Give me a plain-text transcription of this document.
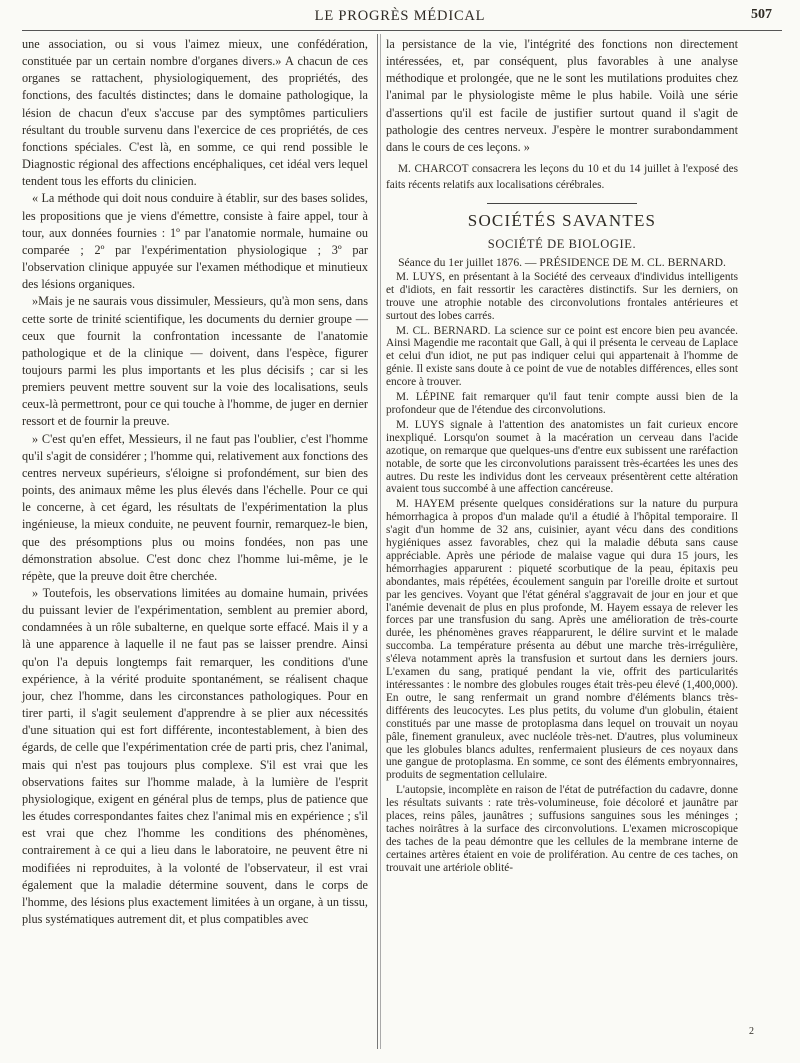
LE PROGRÈS MÉDICAL	507

une association, ou si vous l'aimez mieux, une confédération, constituée par un certain nombre d'organes divers.» A chacun de ces organes se rattachent, physiologiquement, des propriétés, des fonctions, des facultés distinctes; dans le domaine pathologique, la lésion de chacun d'eux s'accuse par des symptômes particuliers résultant du trouble survenu dans l'exercice de ces propriétés, de ces fonctions spéciales. C'est là, en somme, ce qui rend possible le Diagnostic régional des affections encéphaliques, cet idéal vers lequel tendent tous les efforts du clinicien.

« La méthode qui doit nous conduire à établir, sur des bases solides, les propositions que je viens d'émettre, consiste à faire appel, tour à tour, aux données fournies : 1º par l'anatomie normale, humaine ou comparée ; 2º par l'expérimentation physiologique ; 3º par l'observation clinique appuyée sur l'examen méthodique et minutieux des lésions organiques.

»Mais je ne saurais vous dissimuler, Messieurs, qu'à mon sens, dans cette sorte de trinité scientifique, les documents du dernier groupe — ceux que fournit la confrontation incessante de l'anatomie pathologique et de la clinique — doivent, dans l'espèce, figurer toujours parmi les plus importants et les plus décisifs ; car si les premiers peuvent mettre souvent sur la voie des localisations, seuls ceux-là permettront, pour ce qui touche à l'homme, de juger en dernier ressort et de fournir la preuve.

» C'est qu'en effet, Messieurs, il ne faut pas l'oublier, c'est l'homme qu'il s'agit de considérer ; l'homme qui, relativement aux fonctions des centres nerveux supérieurs, s'éloigne si profondément, sur bien des points, des animaux même les plus élevés dans l'échelle. Pour ce qui le concerne, à cet égard, les résultats de l'expérimentation la plus ingénieuse, la mieux conduite, ne peuvent fournir, remarquez-le bien, que des présomptions plus ou moins fondées, non pas une démonstration absolue. C'est donc chez l'homme lui-même, je le répète, que la preuve doit être cherchée.

» Toutefois, les observations limitées au domaine humain, privées du puissant levier de l'expérimentation, semblent au premier abord, condamnées à un rôle subalterne, en quelque sorte effacé. Mais il y a là une apparence à laquelle il ne faut pas se laisser prendre. Ainsi qu'on l'a depuis longtemps fait remarquer, les conditions d'une expérience, à la vérité produite spontanément, se réalisent chaque jour, chez l'homme, dans les circonstances pathologiques. Pour en tirer parti, il s'agit seulement d'apprendre à se plier aux nécessités d'une situation qui est fort différente, incontestablement, à bien des égards, de celle que l'expérimentation crée de parti pris, chez l'animal, mais qui n'est pas toujours plus complexe. S'il est vrai que les observations faites sur l'homme malade, à la lumière de l'esprit physiologique, exigent en général plus de temps, plus de patience que les études correspondantes faites chez l'animal mis en expérience ; s'il est vrai que chez l'homme les conditions des phénomènes, contrairement à ce qui a lieu dans le laboratoire, ne peuvent être ni modifiées ni reproduites, à la volonté de l'observateur, il est vrai également que la maladie détermine souvent, dans le corps de l'homme, des lésions plus exactement limitées à un organe, à un tissu, plus systématiques autrement dit, et plus compatibles avec

la persistance de la vie, l'intégrité des fonctions non directement intéressées, et, par conséquent, plus favorables à une analyse méthodique et prolongée, que ne le sont les mutilations produites chez l'animal par le physiologiste même le plus habile. Voilà une série d'assertions qu'il est facile de justifier surtout quand il s'agit de pathologie des centres nerveux. J'espère le montrer surabondamment dans le cours de ces leçons. »

M. CHARCOT consacrera les leçons du 10 et du 14 juillet à l'exposé des faits récents relatifs aux localisations cérébrales.

SOCIÉTÉS SAVANTES
SOCIÉTÉ DE BIOLOGIE.
Séance du 1er juillet 1876. — PRÉSIDENCE DE M. CL. BERNARD.

M. LUYS, en présentant à la Société des cerveaux d'individus intelligents et d'idiots, en fait ressortir les caractères distinctifs. Sur les derniers, on trouve une atrophie notable des circonvolutions frontales antérieures et surtout des lobes carrés.

M. CL. BERNARD. La science sur ce point est encore bien peu avancée. Ainsi Magendie me racontait que Gall, à qui il présenta le cerveau de Laplace et celui d'un idiot, ne put pas indiquer celui qui appartenait à l'homme de génie. Il existe sans doute à ce point de vue de notables différences, elles sont encore à trouver.

M. LÉPINE fait remarquer qu'il faut tenir compte aussi bien de la profondeur que de l'étendue des circonvolutions.

M. LUYS signale à l'attention des anatomistes un fait curieux encore inexpliqué. Lorsqu'on soumet à la macération un cerveau dans l'acide azotique, on remarque que quelques-uns d'entre eux subissent une raréfaction notable, de sorte que les circonvolutions paraissent très-écartées les unes des autres. Du reste les individus dont les cerveaux présentèrent cette altération avaient tous succombé à une affection cancéreuse.

M. HAYEM présente quelques considérations sur la nature du purpura hémorrhagica à propos d'un malade qu'il a étudié à l'hôpital temporaire. Il s'agit d'un homme de 32 ans, cuisinier, ayant vécu dans des conditions hygiéniques assez favorables, chez qui la maladie débuta sans cause appréciable. Après une période de malaise vague qui dura 15 jours, les hémorrhagies apparurent : piqueté scorbutique de la peau, épitaxis peu abondantes, mais répétées, écoulement sanguin par l'oreille droite et surtout par les gencives. Voyant que l'état général s'aggravait de jour en jour et que l'anémie devenait de plus en plus profonde, M. Hayem essaya de relever les forces par une transfusion du sang. Après une amélioration de très-courte durée, les phénomènes graves réapparurent, le délire survint et le malade succomba. La température présenta au début une marche très-irrégulière, s'éleva notamment après la transfusion et surtout dans les derniers jours. L'examen du sang, pratiqué pendant la vie, offrit des particularités intéressantes : le nombre des globules rouges était très-peu élevé (1,400,000). En outre, le sang renfermait un grand nombre d'éléments blancs très-différents des leucocytes. Les plus petits, du volume d'un globulin, étaient constitués par une masse de protoplasma dans lequel on trouvait un noyau pâle, finement granuleux, avec nucléole très-net. D'autres, plus volumineux que les globules blancs adultes, renfermaient plusieurs de ces noyaux dans une gangue de protoplasma. En somme, ce sont des éléments embryonnaires, produits de segmentation cellulaire.

L'autopsie, incomplète en raison de l'état de putréfaction du cadavre, donne les résultats suivants : rate très-volumineuse, foie décoloré et jaunâtre par places, reins pâles, jaunâtres ; suffusions sanguines sous les méninges ; taches noirâtres à la surface des circonvolutions. L'examen microscopique des taches de la peau démontre que les cellules de la membrane interne de certaines artères étaient en voie de prolifération. Au centre de ces taches, on trouvait une artériole oblité-

2
